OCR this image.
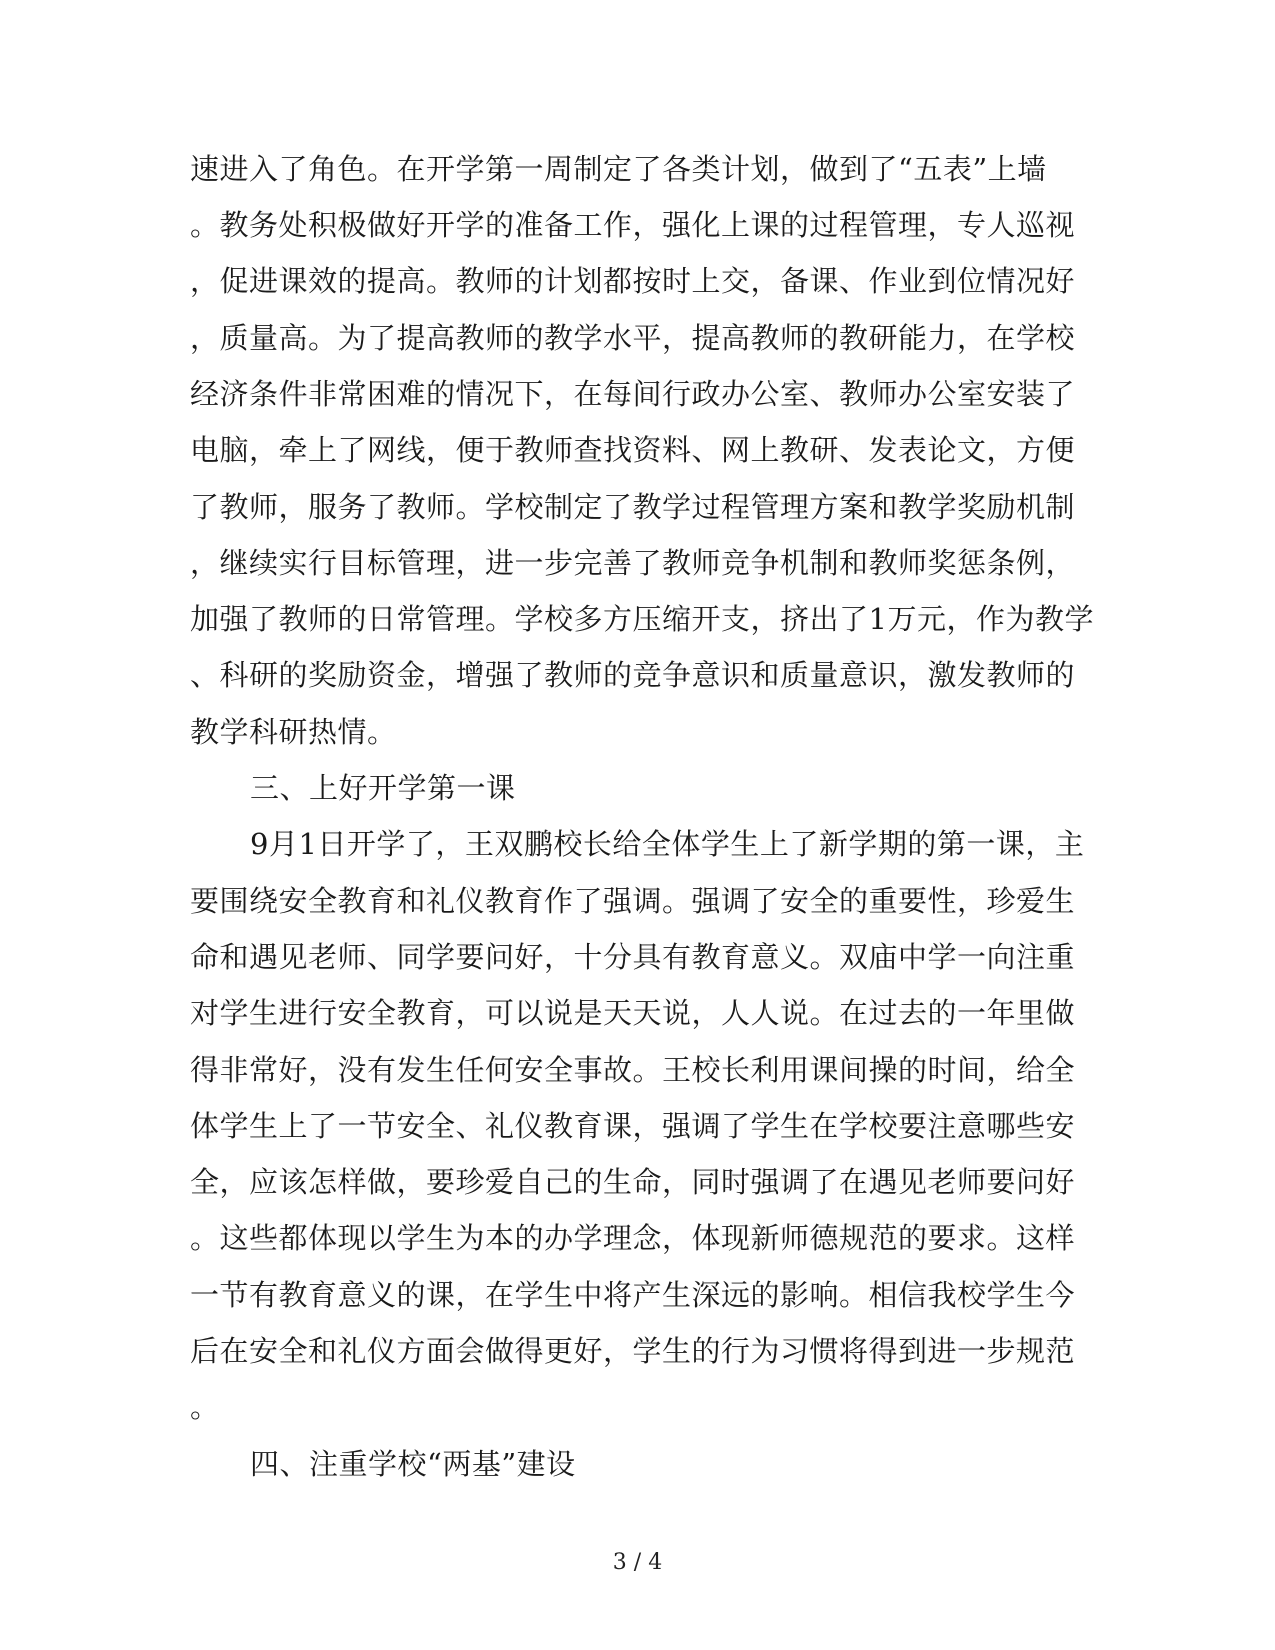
速进入了角色。在开学第一周制定了各类计划，做到了“五表”上墙
。教务处积极做好开学的准备工作，强化上课的过程管理，专人巡视
，促进课效的提高。教师的计划都按时上交，备课、作业到位情况好
，质量高。为了提高教师的教学水平，提高教师的教研能力，在学校
经济条件非常困难的情况下，在每间行政办公室、教师办公室安装了
电脑，牵上了网线，便于教师查找资料、网上教研、发表论文，方便
了教师，服务了教师。学校制定了教学过程管理方案和教学奖励机制
，继续实行目标管理，进一步完善了教师竞争机制和教师奖惩条例，
加强了教师的日常管理。学校多方压缩开支，挤出了1万元，作为教学
、科研的奖励资金，增强了教师的竞争意识和质量意识，激发教师的
教学科研热情。
三、上好开学第一课
9月1日开学了，王双鹏校长给全体学生上了新学期的第一课，主
要围绕安全教育和礼仪教育作了强调。强调了安全的重要性，珍爱生
命和遇见老师、同学要问好，十分具有教育意义。双庙中学一向注重
对学生进行安全教育，可以说是天天说，人人说。在过去的一年里做
得非常好，没有发生任何安全事故。王校长利用课间操的时间，给全
体学生上了一节安全、礼仪教育课，强调了学生在学校要注意哪些安
全，应该怎样做，要珍爱自己的生命，同时强调了在遇见老师要问好
。这些都体现以学生为本的办学理念，体现新师德规范的要求。这样
一节有教育意义的课，在学生中将产生深远的影响。相信我校学生今
后在安全和礼仪方面会做得更好，学生的行为习惯将得到进一步规范
。
四、注重学校“两基”建设
3 / 4
